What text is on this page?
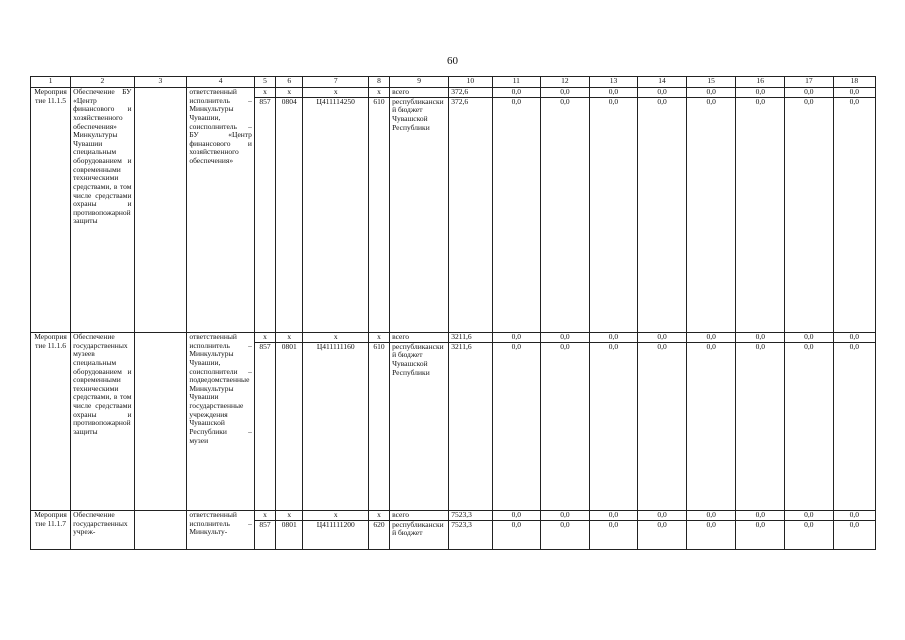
60
1	2	3	4	5	6	7	8	9	10	11	12	13	14	15	16	17	18
Мероприятие 11.1.5	Обеспечение БУ «Центр финансового и хозяйственного обеспечения» Минкультуры Чувашии специальным оборудованием и современными техническими средствами, в том числе средствами охраны и противопожарной защиты		ответственный исполнитель – Минкультуры Чувашии, соисполнитель – БУ «Центр финансового и хозяйственного обеспечения»	x	x	x	x	всего	372,6	0,0	0,0	0,0	0,0	0,0	0,0	0,0	0,0
				857	0804	Ц411114250	610	республиканский бюджет Чувашской Республики	372,6	0,0	0,0	0,0	0,0	0,0	0,0	0,0	0,0
Мероприятие 11.1.6	Обеспечение государственных музеев специальным оборудованием и современными техническими средствами, в том числе средствами охраны и противопожарной защиты		ответственный исполнитель – Минкультуры Чувашии, соисполнители – подведомственные Минкультуры Чувашии государственные учреждения Чувашской Республики – музеи	x	x	x	x	всего	3211,6	0,0	0,0	0,0	0,0	0,0	0,0	0,0	0,0
				857	0801	Ц411111160	610	республиканский бюджет Чувашской Республики	3211,6	0,0	0,0	0,0	0,0	0,0	0,0	0,0	0,0
Мероприятие 11.1.7	Обеспечение государственных учреж-		ответственный исполнитель – Минкульту-	x	x	x	x	всего	7523,3	0,0	0,0	0,0	0,0	0,0	0,0	0,0	0,0
				857	0801	Ц411111200	620	республиканский бюджет	7523,3	0,0	0,0	0,0	0,0	0,0	0,0	0,0	0,0
